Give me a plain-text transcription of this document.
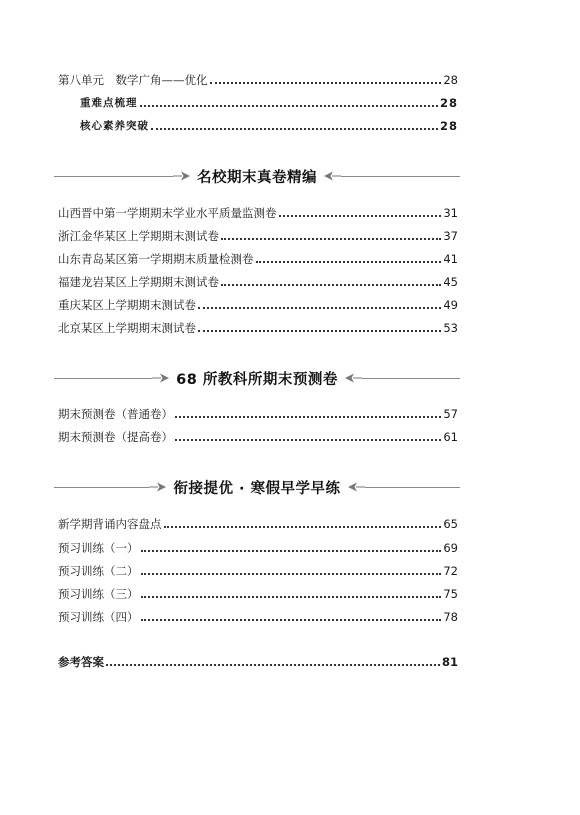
第八单元　数学广角——优化	28
重难点梳理	28
核心素养突破	28
名校期末真卷精编
山西晋中第一学期期末学业水平质量监测卷	31
浙江金华某区上学期期末测试卷	37
山东青岛某区第一学期期末质量检测卷	41
福建龙岩某区上学期期末测试卷	45
重庆某区上学期期末测试卷	49
北京某区上学期期末测试卷	53
68 所教科所期末预测卷
期末预测卷（普通卷）	57
期末预测卷（提高卷）	61
衔接提优 · 寒假早学早练
新学期背诵内容盘点	65
预习训练（一）	69
预习训练（二）	72
预习训练（三）	75
预习训练（四）	78
参考答案	81
